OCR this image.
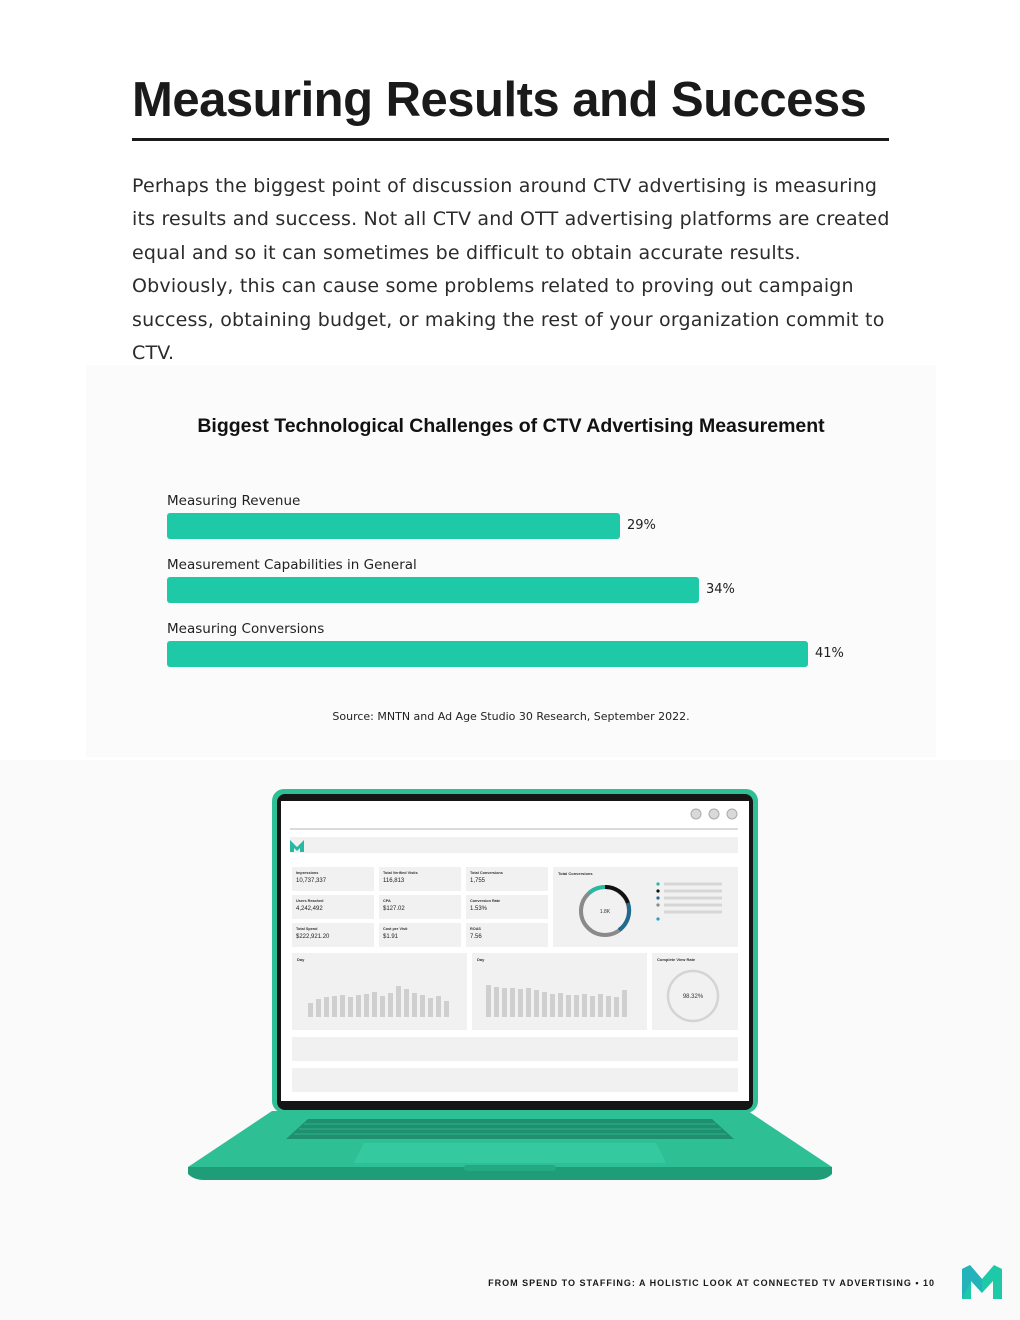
Measuring Results and Success

Perhaps the biggest point of discussion around CTV advertising is measuring its results and success. Not all CTV and OTT advertising platforms are created equal and so it can sometimes be difficult to obtain accurate results. Obviously, this can cause some problems related to proving out campaign success, obtaining budget, or making the rest of your organization commit to CTV.

Biggest Technological Challenges of CTV Advertising Measurement
Measuring Revenue
29%
Measurement Capabilities in General
34%
Measuring Conversions
41%
Source: MNTN and Ad Age Studio 30 Research, September 2022.
Impressions
10,737,337
Total Verified Visits
116,813
Total Conversions
1,755
Users Reached
4,242,492
CPA
$127.02
Conversion Rate
1.53%
Total Spend
$222,921.20
Cost per Visit
$1.91
ROAS
7.56
Total Conversions
1.8K
Day	Day	Complete View Rate
98.32%
FROM SPEND TO STAFFING: A HOLISTIC LOOK AT CONNECTED TV ADVERTISING • 10
